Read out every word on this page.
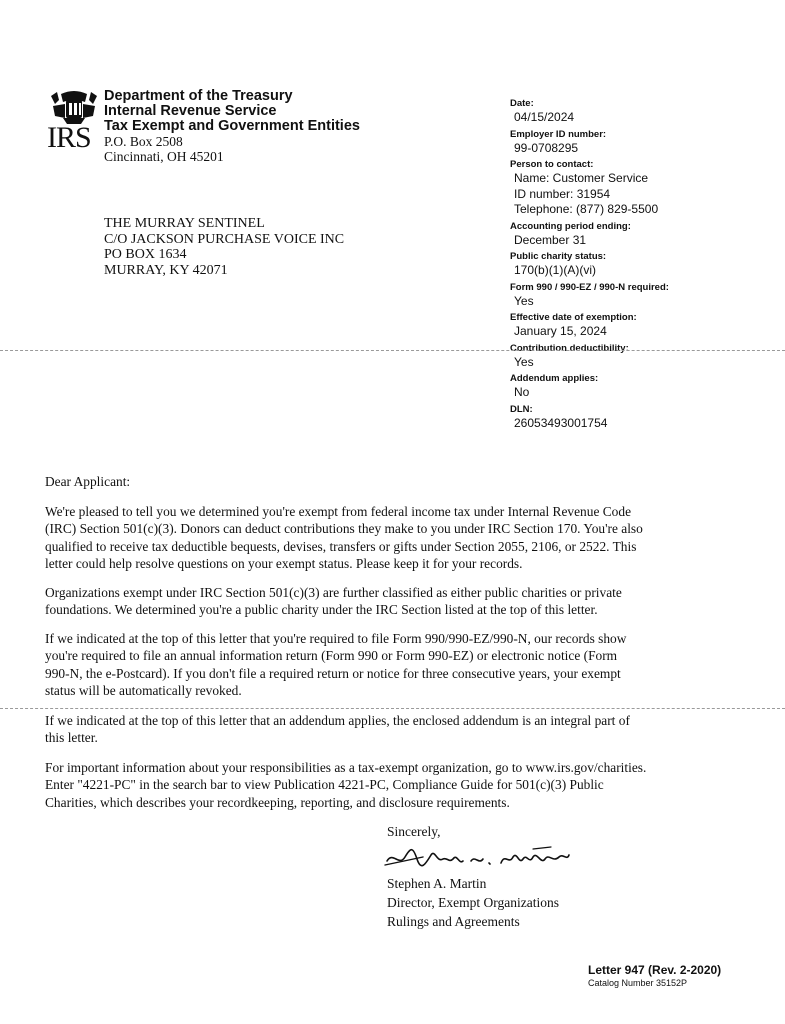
IRS
Department of the Treasury
Internal Revenue Service
Tax Exempt and Government Entities
P.O. Box 2508
Cincinnati, OH 45201
THE MURRAY SENTINEL
C/O JACKSON PURCHASE VOICE INC
PO BOX 1634
MURRAY, KY 42071
Date:
04/15/2024
Employer ID number:
99-0708295
Person to contact:
Name: Customer Service
ID number: 31954
Telephone: (877) 829-5500
Accounting period ending:
December 31
Public charity status:
170(b)(1)(A)(vi)
Form 990 / 990-EZ / 990-N required:
Yes
Effective date of exemption:
January 15, 2024
Contribution deductibility:
Yes
Addendum applies:
No
DLN:
26053493001754
Dear Applicant:
We're pleased to tell you we determined you're exempt from federal income tax under Internal Revenue Code
(IRC) Section 501(c)(3). Donors can deduct contributions they make to you under IRC Section 170. You're also
qualified to receive tax deductible bequests, devises, transfers or gifts under Section 2055, 2106, or 2522. This
letter could help resolve questions on your exempt status. Please keep it for your records.
Organizations exempt under IRC Section 501(c)(3) are further classified as either public charities or private
foundations. We determined you're a public charity under the IRC Section listed at the top of this letter.
If we indicated at the top of this letter that you're required to file Form 990/990-EZ/990-N, our records show
you're required to file an annual information return (Form 990 or Form 990-EZ) or electronic notice (Form
990-N, the e-Postcard). If you don't file a required return or notice for three consecutive years, your exempt
status will be automatically revoked.
If we indicated at the top of this letter that an addendum applies, the enclosed addendum is an integral part of
this letter.
For important information about your responsibilities as a tax-exempt organization, go to www.irs.gov/charities.
Enter "4221-PC" in the search bar to view Publication 4221-PC, Compliance Guide for 501(c)(3) Public
Charities, which describes your recordkeeping, reporting, and disclosure requirements.
Sincerely,
Stephen A. Martin
Director, Exempt Organizations
Rulings and Agreements
Letter 947 (Rev. 2-2020)
Catalog Number 35152P
